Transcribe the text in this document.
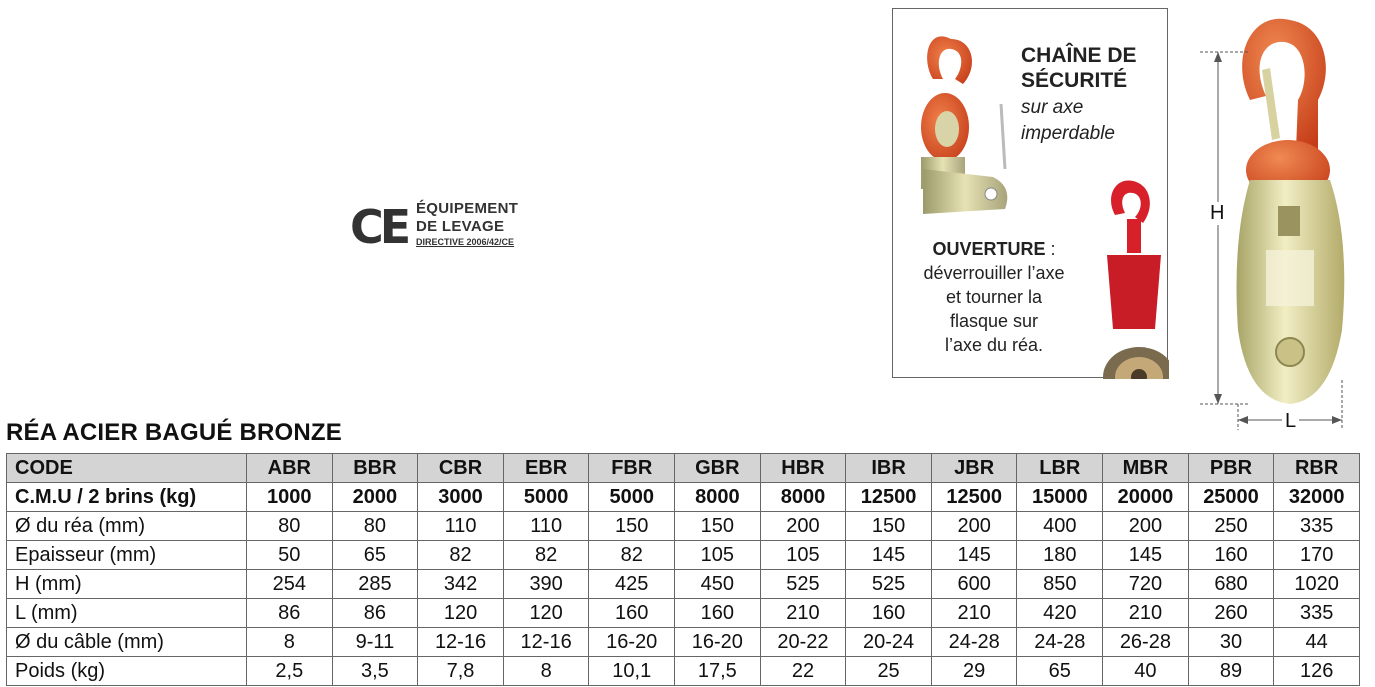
CE ÉQUIPEMENT
DE LEVAGE
DIRECTIVE 2006/42/CE
CHAÎNE DE
SÉCURITÉ
sur axe
imperdable
OUVERTURE :
déverrouiller l’axe
et tourner la
flasque sur
l’axe du réa.
H
L
RÉA ACIER BAGUÉ BRONZE
CODE	ABR	BBR	CBR	EBR	FBR	GBR	HBR	IBR	JBR	LBR	MBR	PBR	RBR
C.M.U / 2 brins (kg)	1000	2000	3000	5000	5000	8000	8000	12500	12500	15000	20000	25000	32000
Ø du réa (mm)	80	80	110	110	150	150	200	150	200	400	200	250	335
Epaisseur (mm)	50	65	82	82	82	105	105	145	145	180	145	160	170
H (mm)	254	285	342	390	425	450	525	525	600	850	720	680	1020
L (mm)	86	86	120	120	160	160	210	160	210	420	210	260	335
Ø du câble (mm)	8	9-11	12-16	12-16	16-20	16-20	20-22	20-24	24-28	24-28	26-28	30	44
Poids (kg)	2,5	3,5	7,8	8	10,1	17,5	22	25	29	65	40	89	126
